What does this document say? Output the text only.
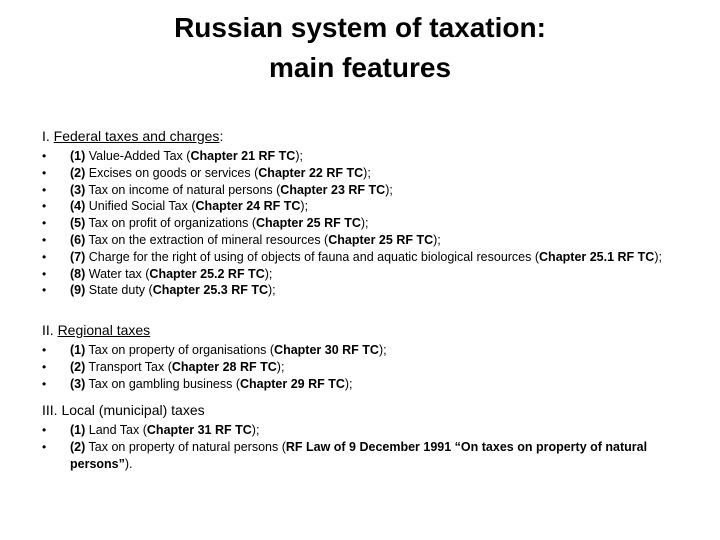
Russian system of taxation:
main features
I. Federal taxes and charges:
• (1) Value-Added Tax (Chapter 21 RF TC);
• (2) Excises on goods or services (Chapter 22 RF TC);
• (3) Tax on income of natural persons (Chapter 23 RF TC);
• (4) Unified Social Tax (Chapter 24 RF TC);
• (5) Tax on profit of organizations (Chapter 25 RF TC);
• (6) Tax on the extraction of mineral resources (Chapter 25 RF TC);
• (7) Charge for the right of using of objects of fauna and aquatic biological resources (Chapter 25.1 RF TC);
• (8) Water tax (Chapter 25.2 RF TC);
• (9) State duty (Chapter 25.3 RF TC);
II. Regional taxes
• (1) Tax on property of organisations (Chapter 30 RF TC);
• (2) Transport Tax (Chapter 28 RF TC);
• (3) Tax on gambling business (Chapter 29 RF TC);
III. Local (municipal) taxes
• (1) Land Tax (Chapter 31 RF TC);
• (2) Tax on property of natural persons (RF Law of 9 December 1991 “On taxes on property of natural persons”).
